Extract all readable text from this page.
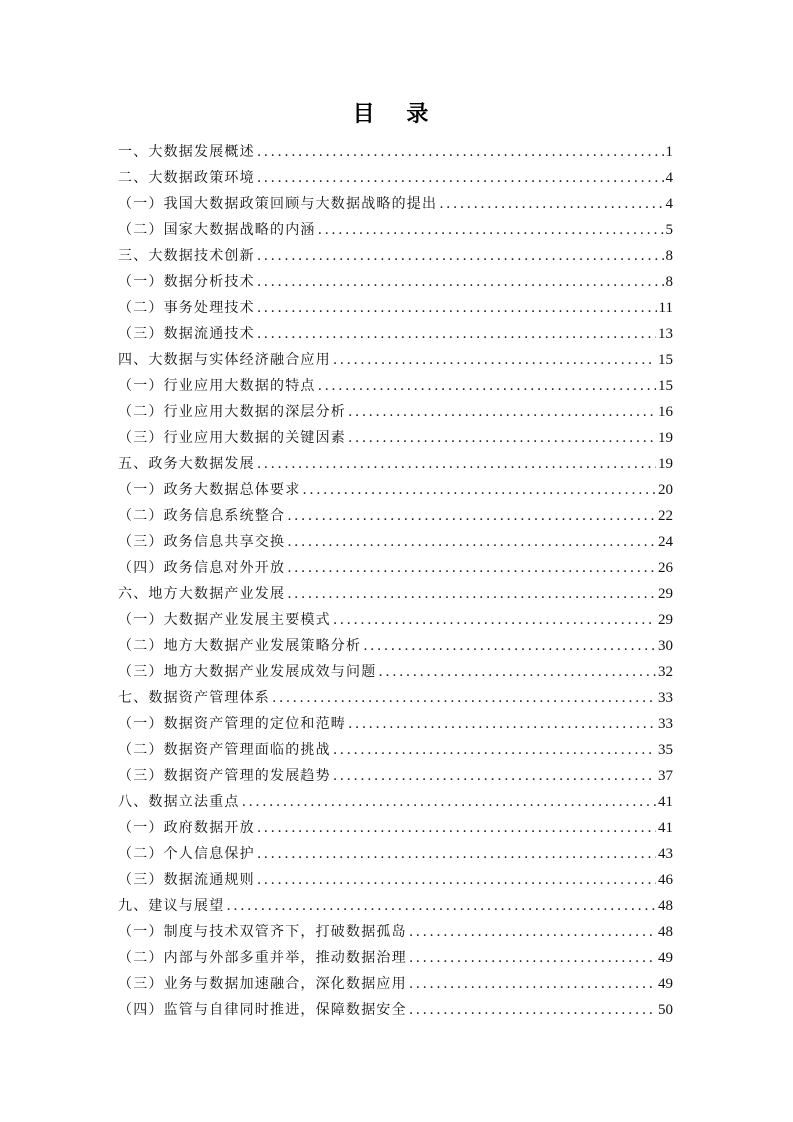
目 录
一、大数据发展概述 .....	1
二、大数据政策环境 .....	4
（一）我国大数据政策回顾与大数据战略的提出 .....	4
（二）国家大数据战略的内涵 .....	5
三、大数据技术创新 .....	8
（一）数据分析技术 .....	8
（二）事务处理技术 .....	11
（三）数据流通技术 .....	13
四、大数据与实体经济融合应用 .....	15
（一）行业应用大数据的特点 .....	15
（二）行业应用大数据的深层分析 .....	16
（三）行业应用大数据的关键因素 .....	19
五、政务大数据发展 .....	19
（一）政务大数据总体要求 .....	20
（二）政务信息系统整合 .....	22
（三）政务信息共享交换 .....	24
（四）政务信息对外开放 .....	26
六、地方大数据产业发展 .....	29
（一）大数据产业发展主要模式 .....	29
（二）地方大数据产业发展策略分析 .....	30
（三）地方大数据产业发展成效与问题 .....	32
七、数据资产管理体系 .....	33
（一）数据资产管理的定位和范畴 .....	33
（二）数据资产管理面临的挑战 .....	35
（三）数据资产管理的发展趋势 .....	37
八、数据立法重点 .....	41
（一）政府数据开放 .....	41
（二）个人信息保护 .....	43
（三）数据流通规则 .....	46
九、建议与展望 .....	48
（一）制度与技术双管齐下，打破数据孤岛 .....	48
（二）内部与外部多重并举，推动数据治理 .....	49
（三）业务与数据加速融合，深化数据应用 .....	49
（四）监管与自律同时推进，保障数据安全 .....	50
